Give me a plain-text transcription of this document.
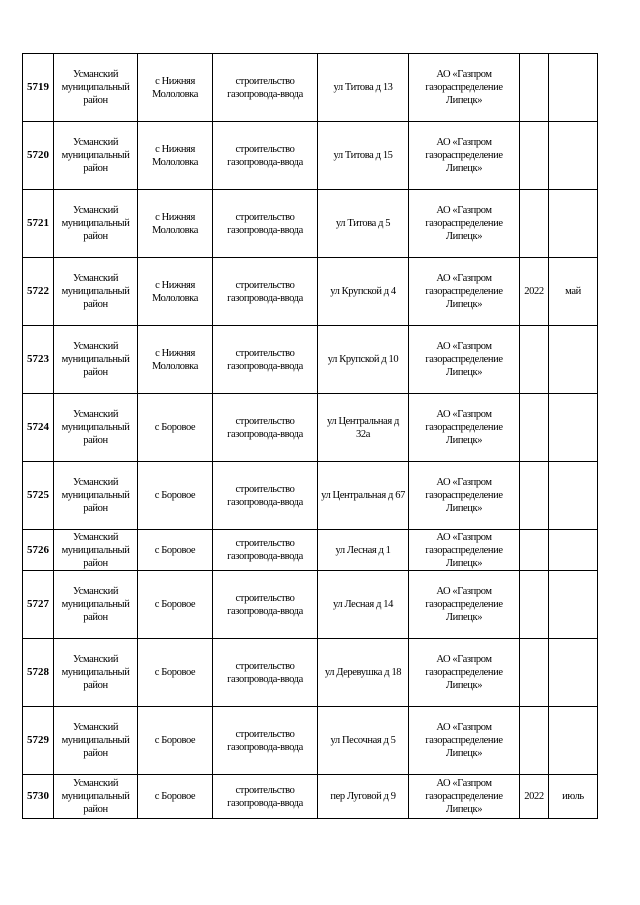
5719	Усманский муниципальный район	с Нижняя Мололовка	строительство газопровода-ввода	ул Титова д 13	АО «Газпром газораспределение Липецк»		
5720	Усманский муниципальный район	с Нижняя Мололовка	строительство газопровода-ввода	ул Титова д 15	АО «Газпром газораспределение Липецк»		
5721	Усманский муниципальный район	с Нижняя Мололовка	строительство газопровода-ввода	ул Титова д 5	АО «Газпром газораспределение Липецк»		
5722	Усманский муниципальный район	с Нижняя Мололовка	строительство газопровода-ввода	ул Крупской д 4	АО «Газпром газораспределение Липецк»	2022	май
5723	Усманский муниципальный район	с Нижняя Мололовка	строительство газопровода-ввода	ул Крупской д 10	АО «Газпром газораспределение Липецк»		
5724	Усманский муниципальный район	с Боровое	строительство газопровода-ввода	ул Центральная д 32а	АО «Газпром газораспределение Липецк»		
5725	Усманский муниципальный район	с Боровое	строительство газопровода-ввода	ул Центральная д 67	АО «Газпром газораспределение Липецк»		
5726	Усманский муниципальный район	с Боровое	строительство газопровода-ввода	ул Лесная д 1	АО «Газпром газораспределение Липецк»		
5727	Усманский муниципальный район	с Боровое	строительство газопровода-ввода	ул Лесная д 14	АО «Газпром газораспределение Липецк»		
5728	Усманский муниципальный район	с Боровое	строительство газопровода-ввода	ул Деревушка д 18	АО «Газпром газораспределение Липецк»		
5729	Усманский муниципальный район	с Боровое	строительство газопровода-ввода	ул Песочная д 5	АО «Газпром газораспределение Липецк»		
5730	Усманский муниципальный район	с Боровое	строительство газопровода-ввода	пер Луговой д 9	АО «Газпром газораспределение Липецк»	2022	июль
